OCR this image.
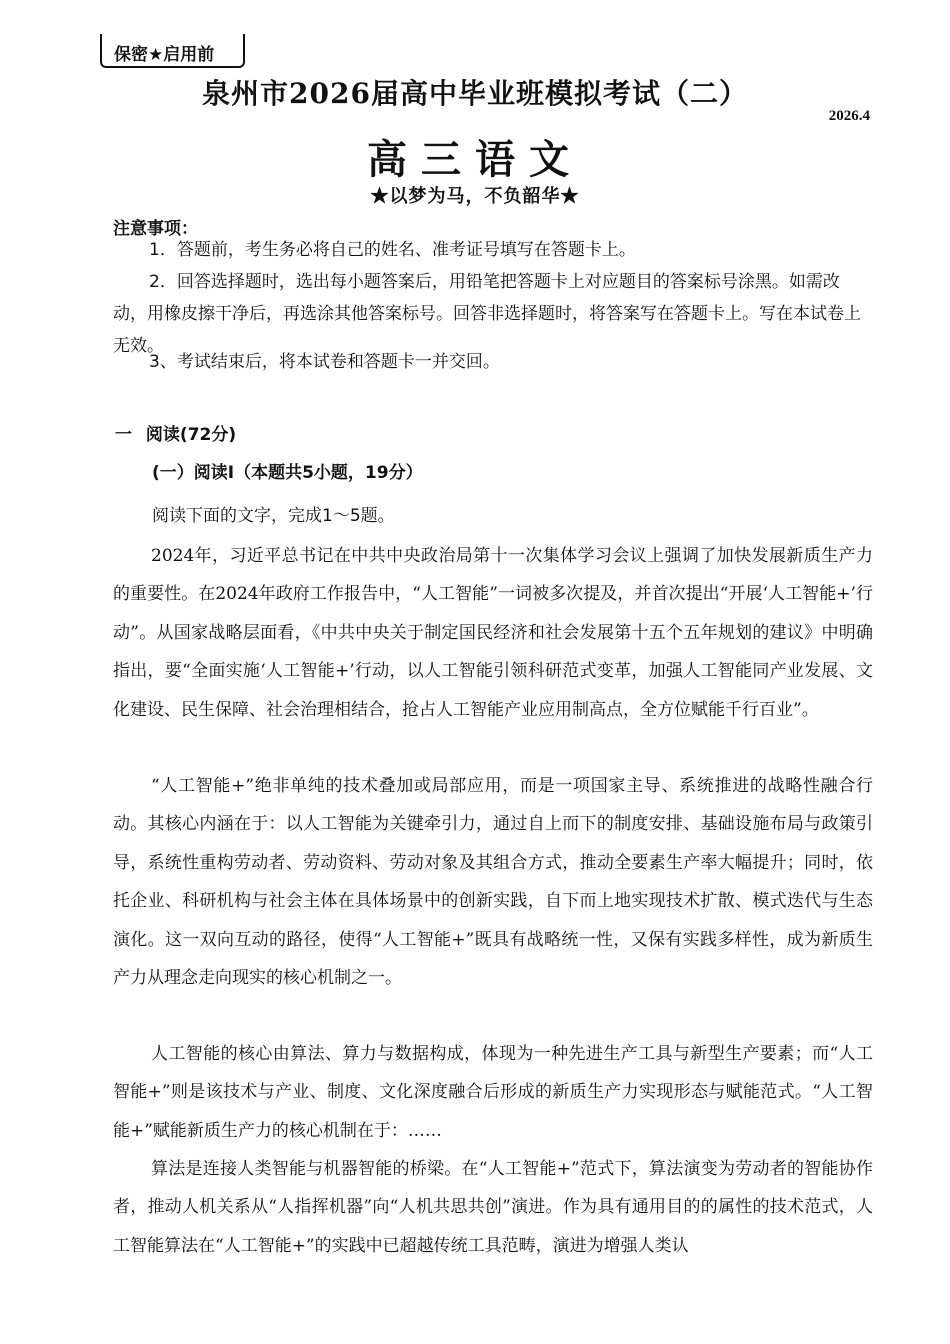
保密★启用前
泉州市2026届高中毕业班模拟考试（二）
2026.4
高三语文
★以梦为马，不负韶华★
注意事项：
1．答题前，考生务必将自己的姓名、准考证号填写在答题卡上。
2．回答选择题时，选出每小题答案后，用铅笔把答题卡上对应题目的答案标号涂黑。如需改动，用橡皮擦干净后，再选涂其他答案标号。回答非选择题时，将答案写在答题卡上。写在本试卷上无效。
3、考试结束后，将本试卷和答题卡一并交回。
一 阅读(72分)
(一）阅读I（本题共5小题，19分）
阅读下面的文字，完成1～5题。
2024年，习近平总书记在中共中央政治局第十一次集体学习会议上强调了加快发展新质生产力的重要性。在2024年政府工作报告中，“人工智能”一词被多次提及，并首次提出“开展‘人工智能+’行动”。从国家战略层面看，《中共中央关于制定国民经济和社会发展第十五个五年规划的建议》中明确指出，要“全面实施‘人工智能+’行动，以人工智能引领科研范式变革，加强人工智能同产业发展、文化建设、民生保障、社会治理相结合，抢占人工智能产业应用制高点，全方位赋能千行百业”。
“人工智能+”绝非单纯的技术叠加或局部应用，而是一项国家主导、系统推进的战略性融合行动。其核心内涵在于：以人工智能为关键牵引力，通过自上而下的制度安排、基础设施布局与政策引导，系统性重构劳动者、劳动资料、劳动对象及其组合方式，推动全要素生产率大幅提升；同时，依托企业、科研机构与社会主体在具体场景中的创新实践，自下而上地实现技术扩散、模式迭代与生态演化。这一双向互动的路径，使得“人工智能+”既具有战略统一性，又保有实践多样性，成为新质生产力从理念走向现实的核心机制之一。
人工智能的核心由算法、算力与数据构成，体现为一种先进生产工具与新型生产要素；而“人工智能+”则是该技术与产业、制度、文化深度融合后形成的新质生产力实现形态与赋能范式。“人工智能+”赋能新质生产力的核心机制在于：……
算法是连接人类智能与机器智能的桥梁。在“人工智能+”范式下，算法演变为劳动者的智能协作者，推动人机关系从“人指挥机器”向“人机共思共创”演进。作为具有通用目的的属性的技术范式，人工智能算法在“人工智能+”的实践中已超越传统工具范畴，演进为增强人类认
